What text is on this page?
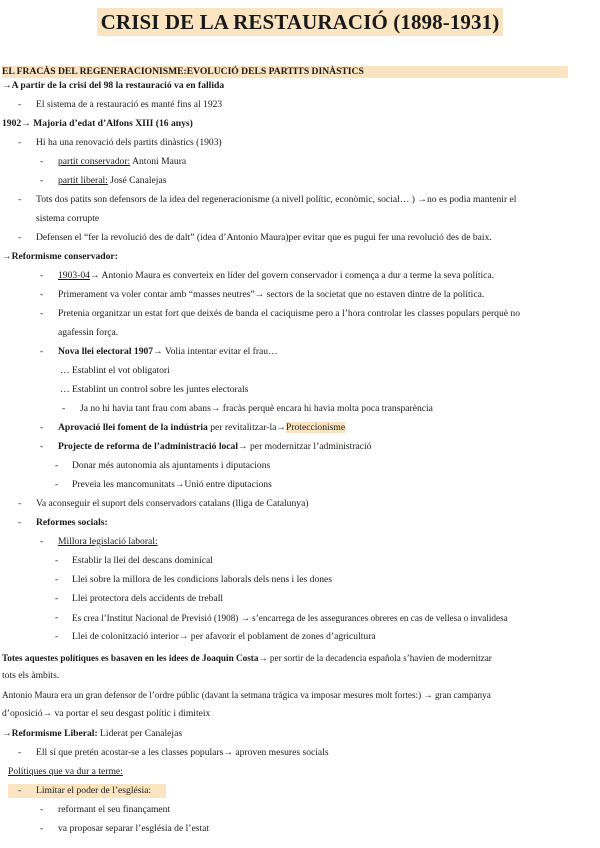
CRISI DE LA RESTAURACIÓ (1898-1931)
EL FRACÀS DEL REGENERACIONISME:EVOLUCIÓ DELS PARTITS DINÀSTICS
→A partir de la crisi del 98 la restauració va en fallida
- El sistema de a restauració es manté fins al 1923
1902→ Majoria d’edat d’Alfons XIII (16 anys)
- Hi ha una renovació dels partits dinàstics (1903)
- partit conservador: Antoni Maura
- partit liberal: José Canalejas
- Tots dos patits son defensors de la idea del regeneracionisme (a nivell polític, econòmic, social… ) →no es podia mantenir el
sistema corrupte
- Defensen el “fer la revolució des de dalt” (idea d’Antonio Maura)per evitar que es pugui fer una revolució des de baix.
→Reformisme conservador:
- 1903-04→ Antonio Maura es converteix en líder del govern conservador i comença a dur a terme la seva política.
- Primerament va voler contar amb “masses neutres”→ sectors de la societat que no estaven dintre de la política.
- Pretenia organitzar un estat fort que deixés de banda el caciquisme pero a l’hora controlar les classes populars perquè no
agafessin força.
- Nova llei electoral 1907→ Volia intentar evitar el frau…
… Establint el vot obligatori
… Establint un control sobre les juntes electorals
- Ja no hi havia tant frau com abans→ fracàs perquè encara hi havia molta poca transparència
- Aprovació llei foment de la indústria per revitalitzar-la→Proteccionisme
- Projecte de reforma de l’administració local→ per modernitzar l’administració
- Donar més autonomia als ajuntaments i diputacions
- Preveia les mancomunitats→Unió entre diputacions
- Va aconseguir el suport dels conservadors catalans (lliga de Catalunya)
- Reformes socials:
- Millora legislació laboral:
- Establir la llei del descans dominical
- Llei sobre la millora de les condicions laborals dels nens i les dones
- Llei protectora dels accidents de treball
- Es crea l’Institut Nacional de Previsió (1908) → s’encarrega de les assegurances obreres en cas de vellesa o invalidesa
- Llei de colonització interior→ per afavorir el poblament de zones d’agricultura
Totes aquestes polítiques es basaven en les idees de Joaquín Costa→ per sortir de la decadencia española s’havien de modernitzar
tots els àmbits.
Antonio Maura era un gran defensor de l’ordre públic (davant la setmana tràgica va imposar mesures molt fortes:) → gran campanya
d’oposició→ va portar el seu desgast polític i dimiteix
→Reformisme Liberal: Liderat per Canalejas
- Ell sí que pretén acostar-se a les classes populars→ aproven mesures socials
Polítiques que va dur a terme:
- Limitar el poder de l’església:
- reformant el seu finançament
- va proposar separar l’església de l’estat
